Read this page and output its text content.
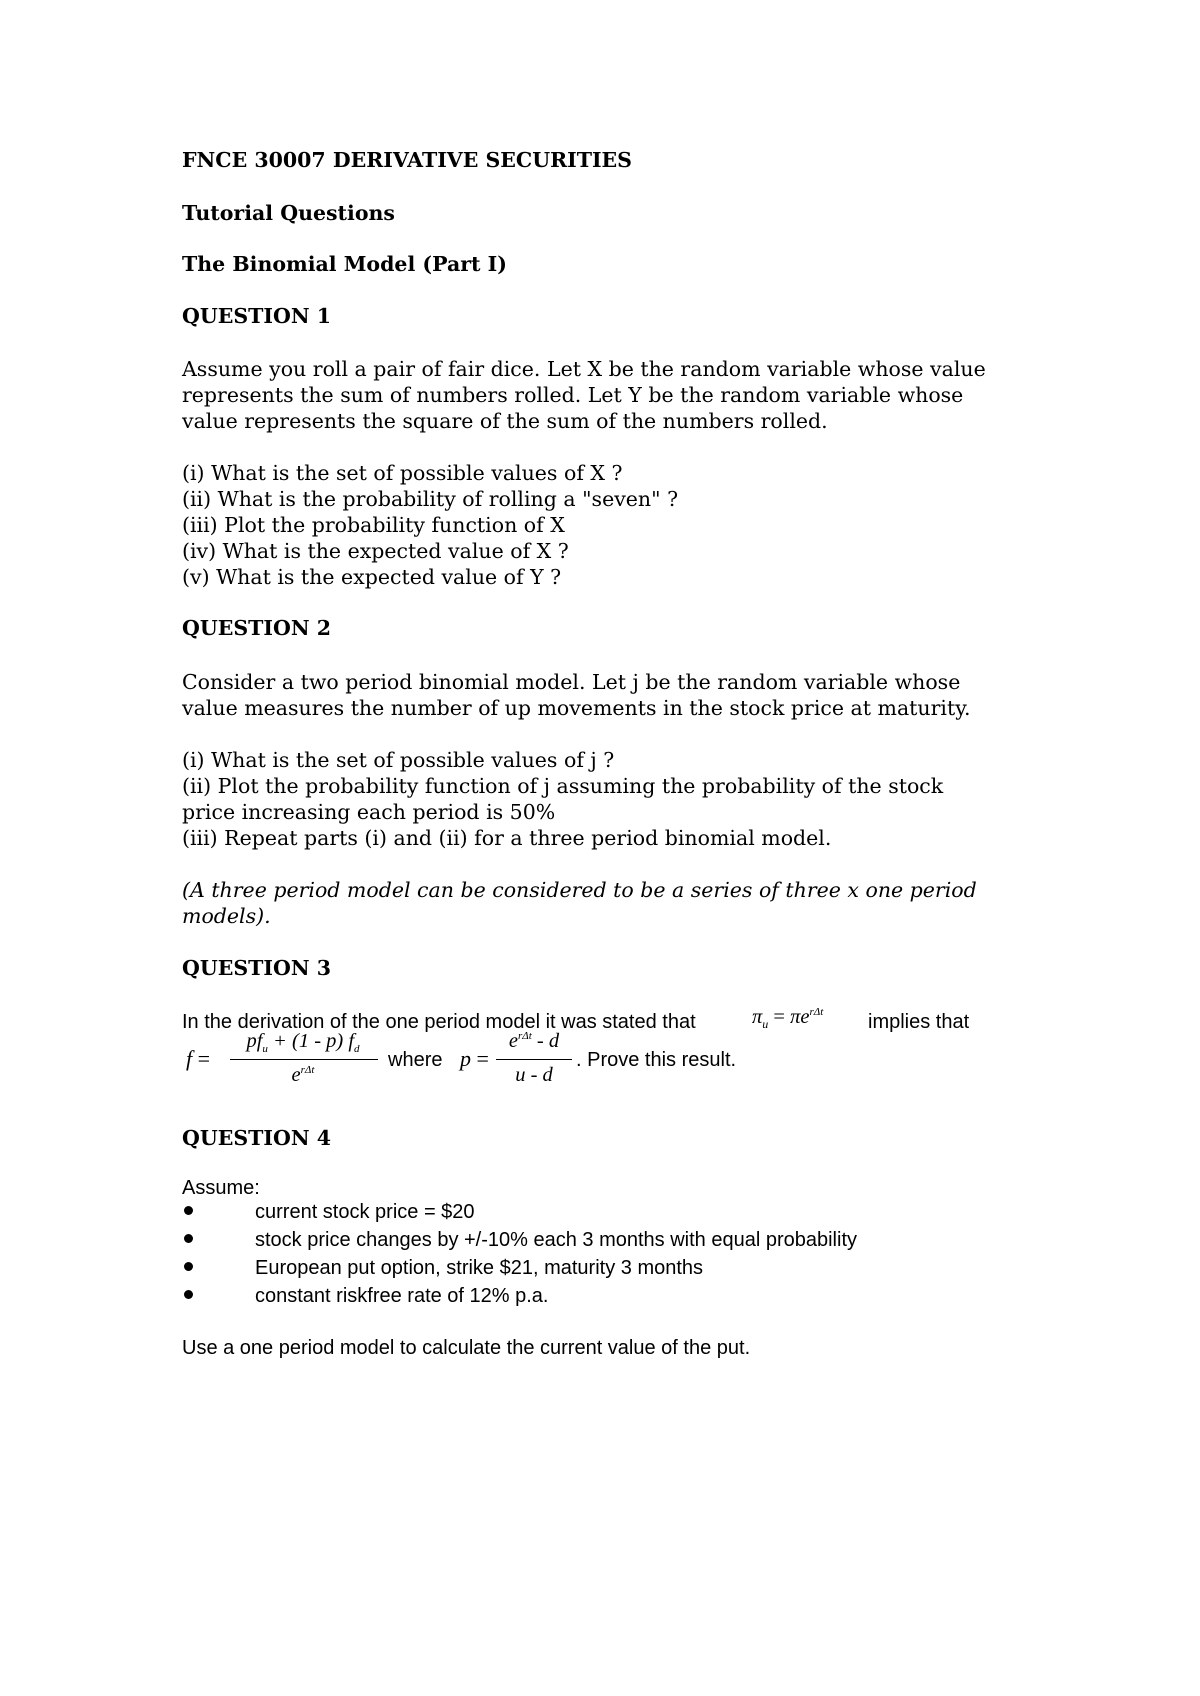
FNCE 30007 DERIVATIVE SECURITIES
Tutorial Questions
The Binomial Model (Part I)
QUESTION 1
Assume you roll a pair of fair dice. Let X be the random variable whose value
represents the sum of numbers rolled. Let Y be the random variable whose
value represents the square of the sum of the numbers rolled.
(i) What is the set of possible values of X ?
(ii) What is the probability of rolling a "seven" ?
(iii) Plot the probability function of X
(iv) What is the expected value of X ?
(v) What is the expected value of Y ?
QUESTION 2
Consider a two period binomial model. Let j be the random variable whose
value measures the number of up movements in the stock price at maturity.
(i) What is the set of possible values of j ?
(ii) Plot the probability function of j assuming the probability of the stock
price increasing each period is 50%
(iii) Repeat parts (i) and (ii) for a three period binomial model.
(A three period model can be considered to be a series of three x one period
models).
QUESTION 3
In the derivation of the one period model it was stated that	$\pi_u = \pi e^{r\Delta t}$ implies that
f =
$pf_u + (1 - p)$ $f_d$
$e^{r\Delta t}$	where p =
$e^{r\Delta t}$ - d
u - d
. Prove this result.
QUESTION 4
Assume:
current stock price = $20
stock price changes by +/-10% each 3 months with equal probability
European put option, strike $21, maturity 3 months
constant riskfree rate of 12% p.a.
Use a one period model to calculate the current value of the put.
